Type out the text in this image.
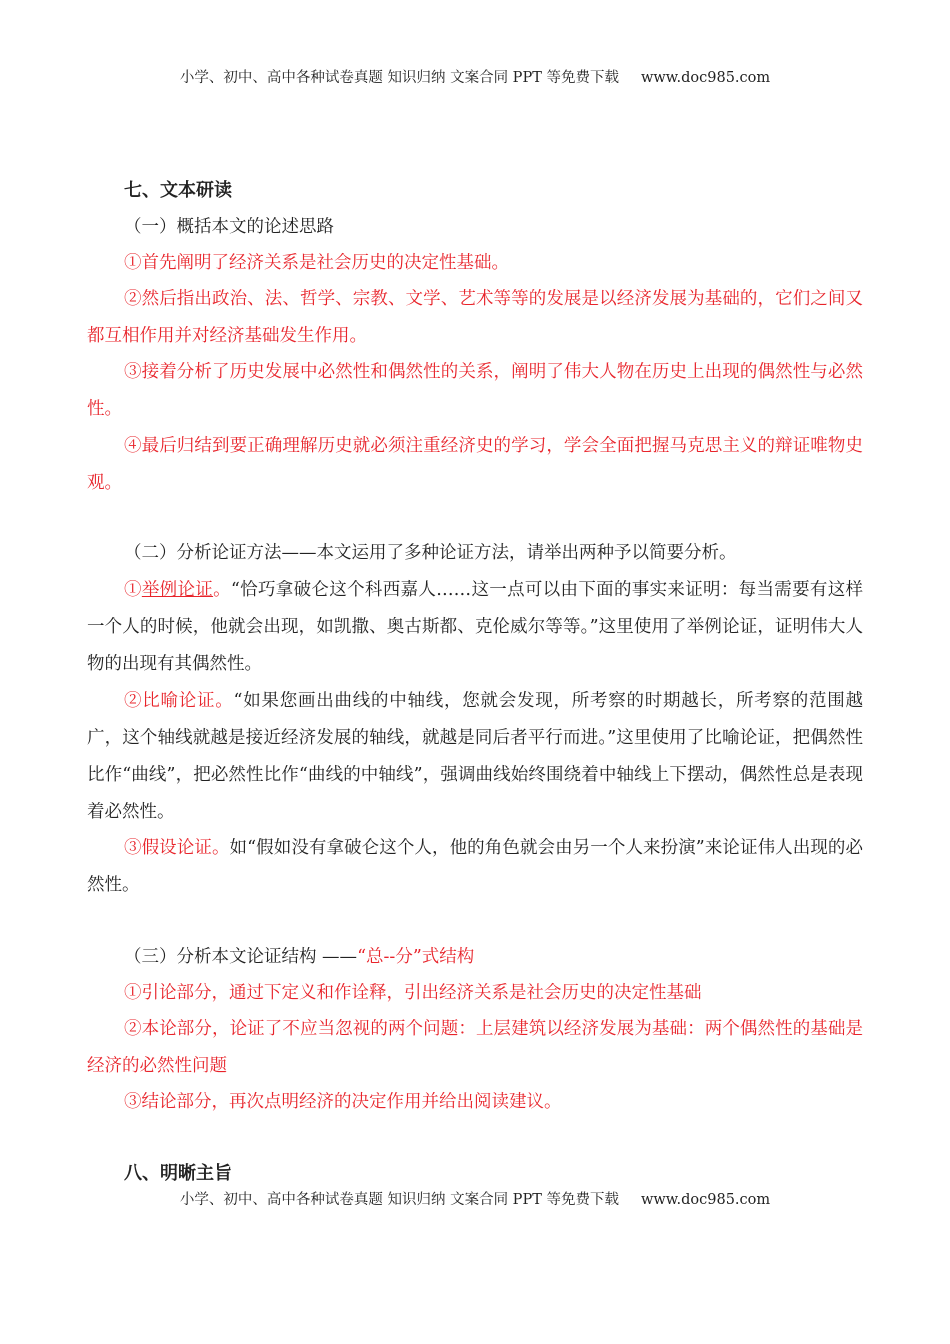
小学、初中、高中各种试卷真题 知识归纳 文案合同 PPT 等免费下载 www.doc985.com
七、文本研读
（一）概括本文的论述思路
①首先阐明了经济关系是社会历史的决定性基础。
②然后指出政治、法、哲学、宗教、文学、艺术等等的发展是以经济发展为基础的，它们之间又都互相作用并对经济基础发生作用。
③接着分析了历史发展中必然性和偶然性的关系，阐明了伟大人物在历史上出现的偶然性与必然性。
④最后归结到要正确理解历史就必须注重经济史的学习，学会全面把握马克思主义的辩证唯物史观。
（二）分析论证方法——本文运用了多种论证方法，请举出两种予以简要分析。
①举例论证。“恰巧拿破仑这个科西嘉人……这一点可以由下面的事实来证明：每当需要有这样一个人的时候，他就会出现，如凯撒、奥古斯都、克伦威尔等等。”这里使用了举例论证，证明伟大人物的出现有其偶然性。
②比喻论证。“如果您画出曲线的中轴线，您就会发现，所考察的时期越长，所考察的范围越广，这个轴线就越是接近经济发展的轴线，就越是同后者平行而进。”这里使用了比喻论证，把偶然性比作“曲线”，把必然性比作“曲线的中轴线”，强调曲线始终围绕着中轴线上下摆动，偶然性总是表现着必然性。
③假设论证。如“假如没有拿破仑这个人，他的角色就会由另一个人来扮演”来论证伟人出现的必然性。
（三）分析本文论证结构 ——“总--分”式结构
①引论部分，通过下定义和作诠释，引出经济关系是社会历史的决定性基础
②本论部分，论证了不应当忽视的两个问题：上层建筑以经济发展为基础：两个偶然性的基础是经济的必然性问题
③结论部分，再次点明经济的决定作用并给出阅读建议。
八、明晰主旨
小学、初中、高中各种试卷真题 知识归纳 文案合同 PPT 等免费下载 www.doc985.com
